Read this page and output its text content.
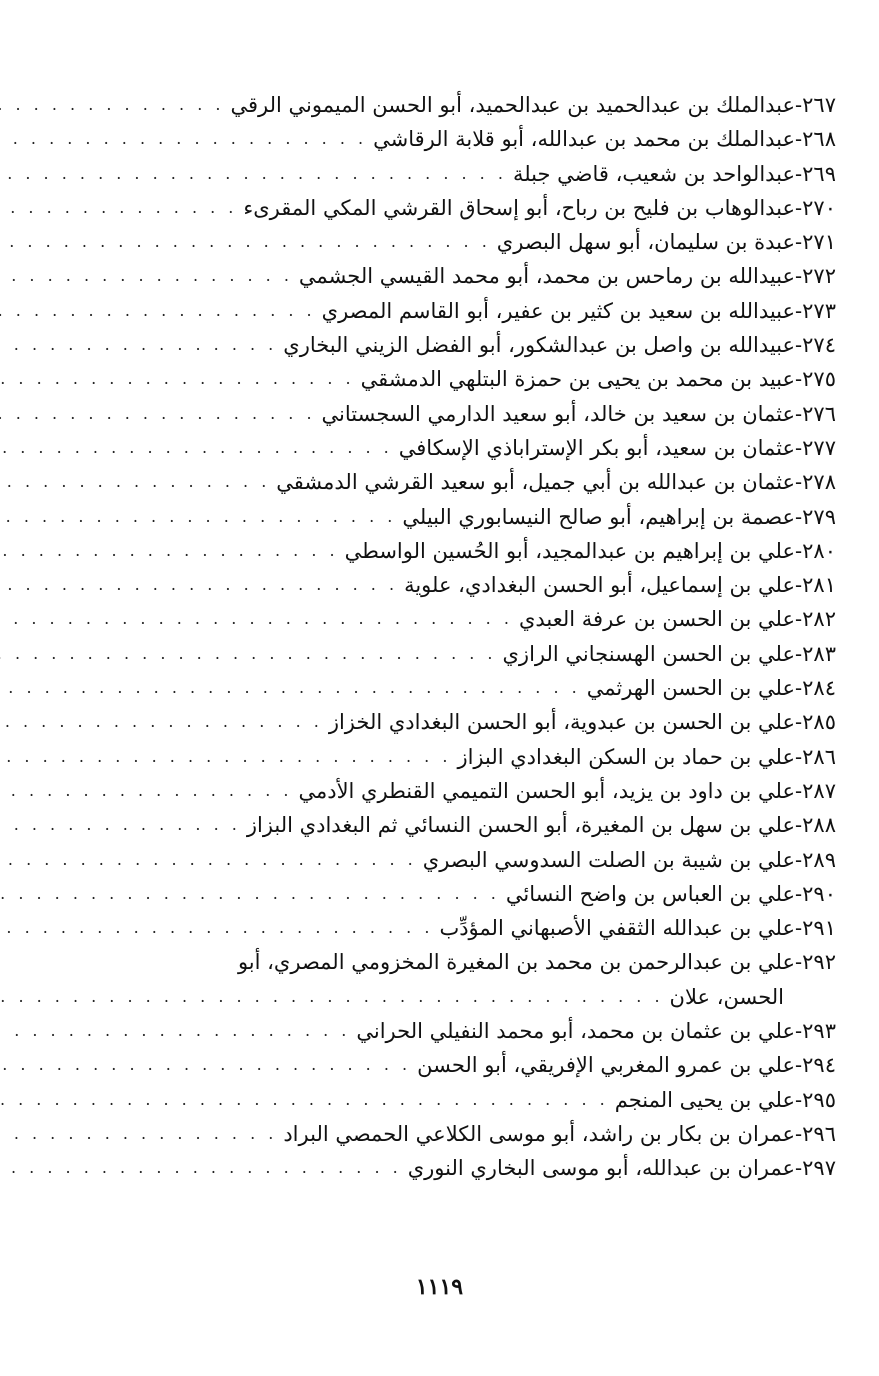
٢٦٧-
عبدالملك بن عبدالحميد بن عبدالحميد، أبو الحسن الميموني الرقي
. . .
٢٦٨-
عبدالملك بن محمد بن عبدالله، أبو قلابة الرقاشي
. . .
٢٦٩-
عبدالواحد بن شعيب، قاضي جبلة
. . .
٢٧٠-
عبدالوهاب بن فليح بن رباح، أبو إسحاق القرشي المكي المقرىء
. . .
٢٧١-
عبدة بن سليمان، أبو سهل البصري
. . .
٢٧٢-
عبيدالله بن رماحس بن محمد، أبو محمد القيسي الجشمي
. . .
٢٧٣-
عبيدالله بن سعيد بن كثير بن عفير، أبو القاسم المصري
. . .
٢٧٤-
عبيدالله بن واصل بن عبدالشكور، أبو الفضل الزيني البخاري
. . .
٢٧٥-
عبيد بن محمد بن يحيى بن حمزة البتلهي الدمشقي
. . .
٢٧٦-
عثمان بن سعيد بن خالد، أبو سعيد الدارمي السجستاني
. . .
٢٧٧-
عثمان بن سعيد، أبو بكر الإستراباذي الإسكافي
. . .
٢٧٨-
عثمان بن عبدالله بن أبي جميل، أبو سعيد القرشي الدمشقي
. . .
٢٧٩-
عصمة بن إبراهيم، أبو صالح النيسابوري البيلي
. . .
٢٨٠-
علي بن إبراهيم بن عبدالمجيد، أبو الحُسين الواسطي
. . .
٢٨١-
علي بن إسماعيل، أبو الحسن البغدادي، علوية
. . .
٢٨٢-
علي بن الحسن بن عرفة العبدي
. . .
٢٨٣-
علي بن الحسن الهسنجاني الرازي
. . .
٢٨٤-
علي بن الحسن الهرثمي
. . .
٢٨٥-
علي بن الحسن بن عبدوية، أبو الحسن البغدادي الخزاز
. . .
٢٨٦-
علي بن حماد بن السكن البغدادي البزاز
. . .
٢٨٧-
علي بن داود بن يزيد، أبو الحسن التميمي القنطري الأدمي
. . .
٢٨٨-
علي بن سهل بن المغيرة، أبو الحسن النسائي ثم البغدادي البزاز
. . .
٢٨٩-
علي بن شيبة بن الصلت السدوسي البصري
. . .
٢٩٠-
علي بن العباس بن واضح النسائي
. . .
٢٩١-
علي بن عبدالله الثقفي الأصبهاني المؤدِّب
. . .
٢٩٢-علي بن عبدالرحمن بن محمد بن المغيرة المخزومي المصري، أبو
الحسن، علان
. . .
٢٩٣-
علي بن عثمان بن محمد، أبو محمد النفيلي الحراني
. . .
٢٩٤-
علي بن عمرو المغربي الإفريقي، أبو الحسن
. . .
٢٩٥-
علي بن يحيى المنجم
. . .
٢٩٦-
عمران بن بكار بن راشد، أبو موسى الكلاعي الحمصي البراد
. . .
٢٩٧-
عمران بن عبدالله، أبو موسى البخاري النوري
. . .
١١١٩
